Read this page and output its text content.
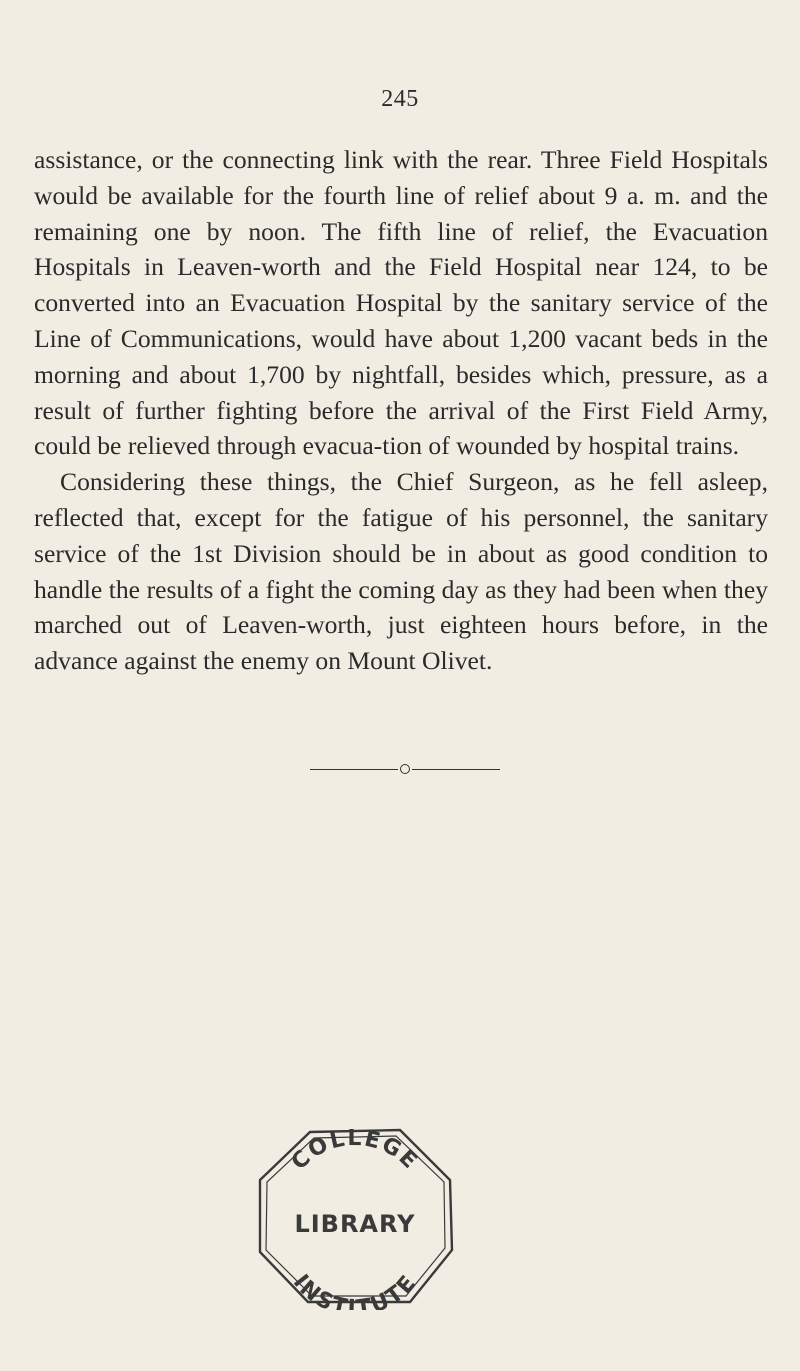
245

assistance, or the connecting link with the rear. Three Field Hospitals would be available for the fourth line of relief about 9 a. m. and the remaining one by noon. The fifth line of relief, the Evacuation Hospitals in Leaven-worth and the Field Hospital near 124, to be converted into an Evacuation Hospital by the sanitary service of the Line of Communications, would have about 1,200 vacant beds in the morning and about 1,700 by nightfall, besides which, pressure, as a result of further fighting before the arrival of the First Field Army, could be relieved through evacua-tion of wounded by hospital trains.

Considering these things, the Chief Surgeon, as he fell asleep, reflected that, except for the fatigue of his personnel, the sanitary service of the 1st Division should be in about as good condition to handle the results of a fight the coming day as they had been when they marched out of Leaven-worth, just eighteen hours before, in the advance against the enemy on Mount Olivet.

COLLEGE
INSTITUTE
LIBRARY
